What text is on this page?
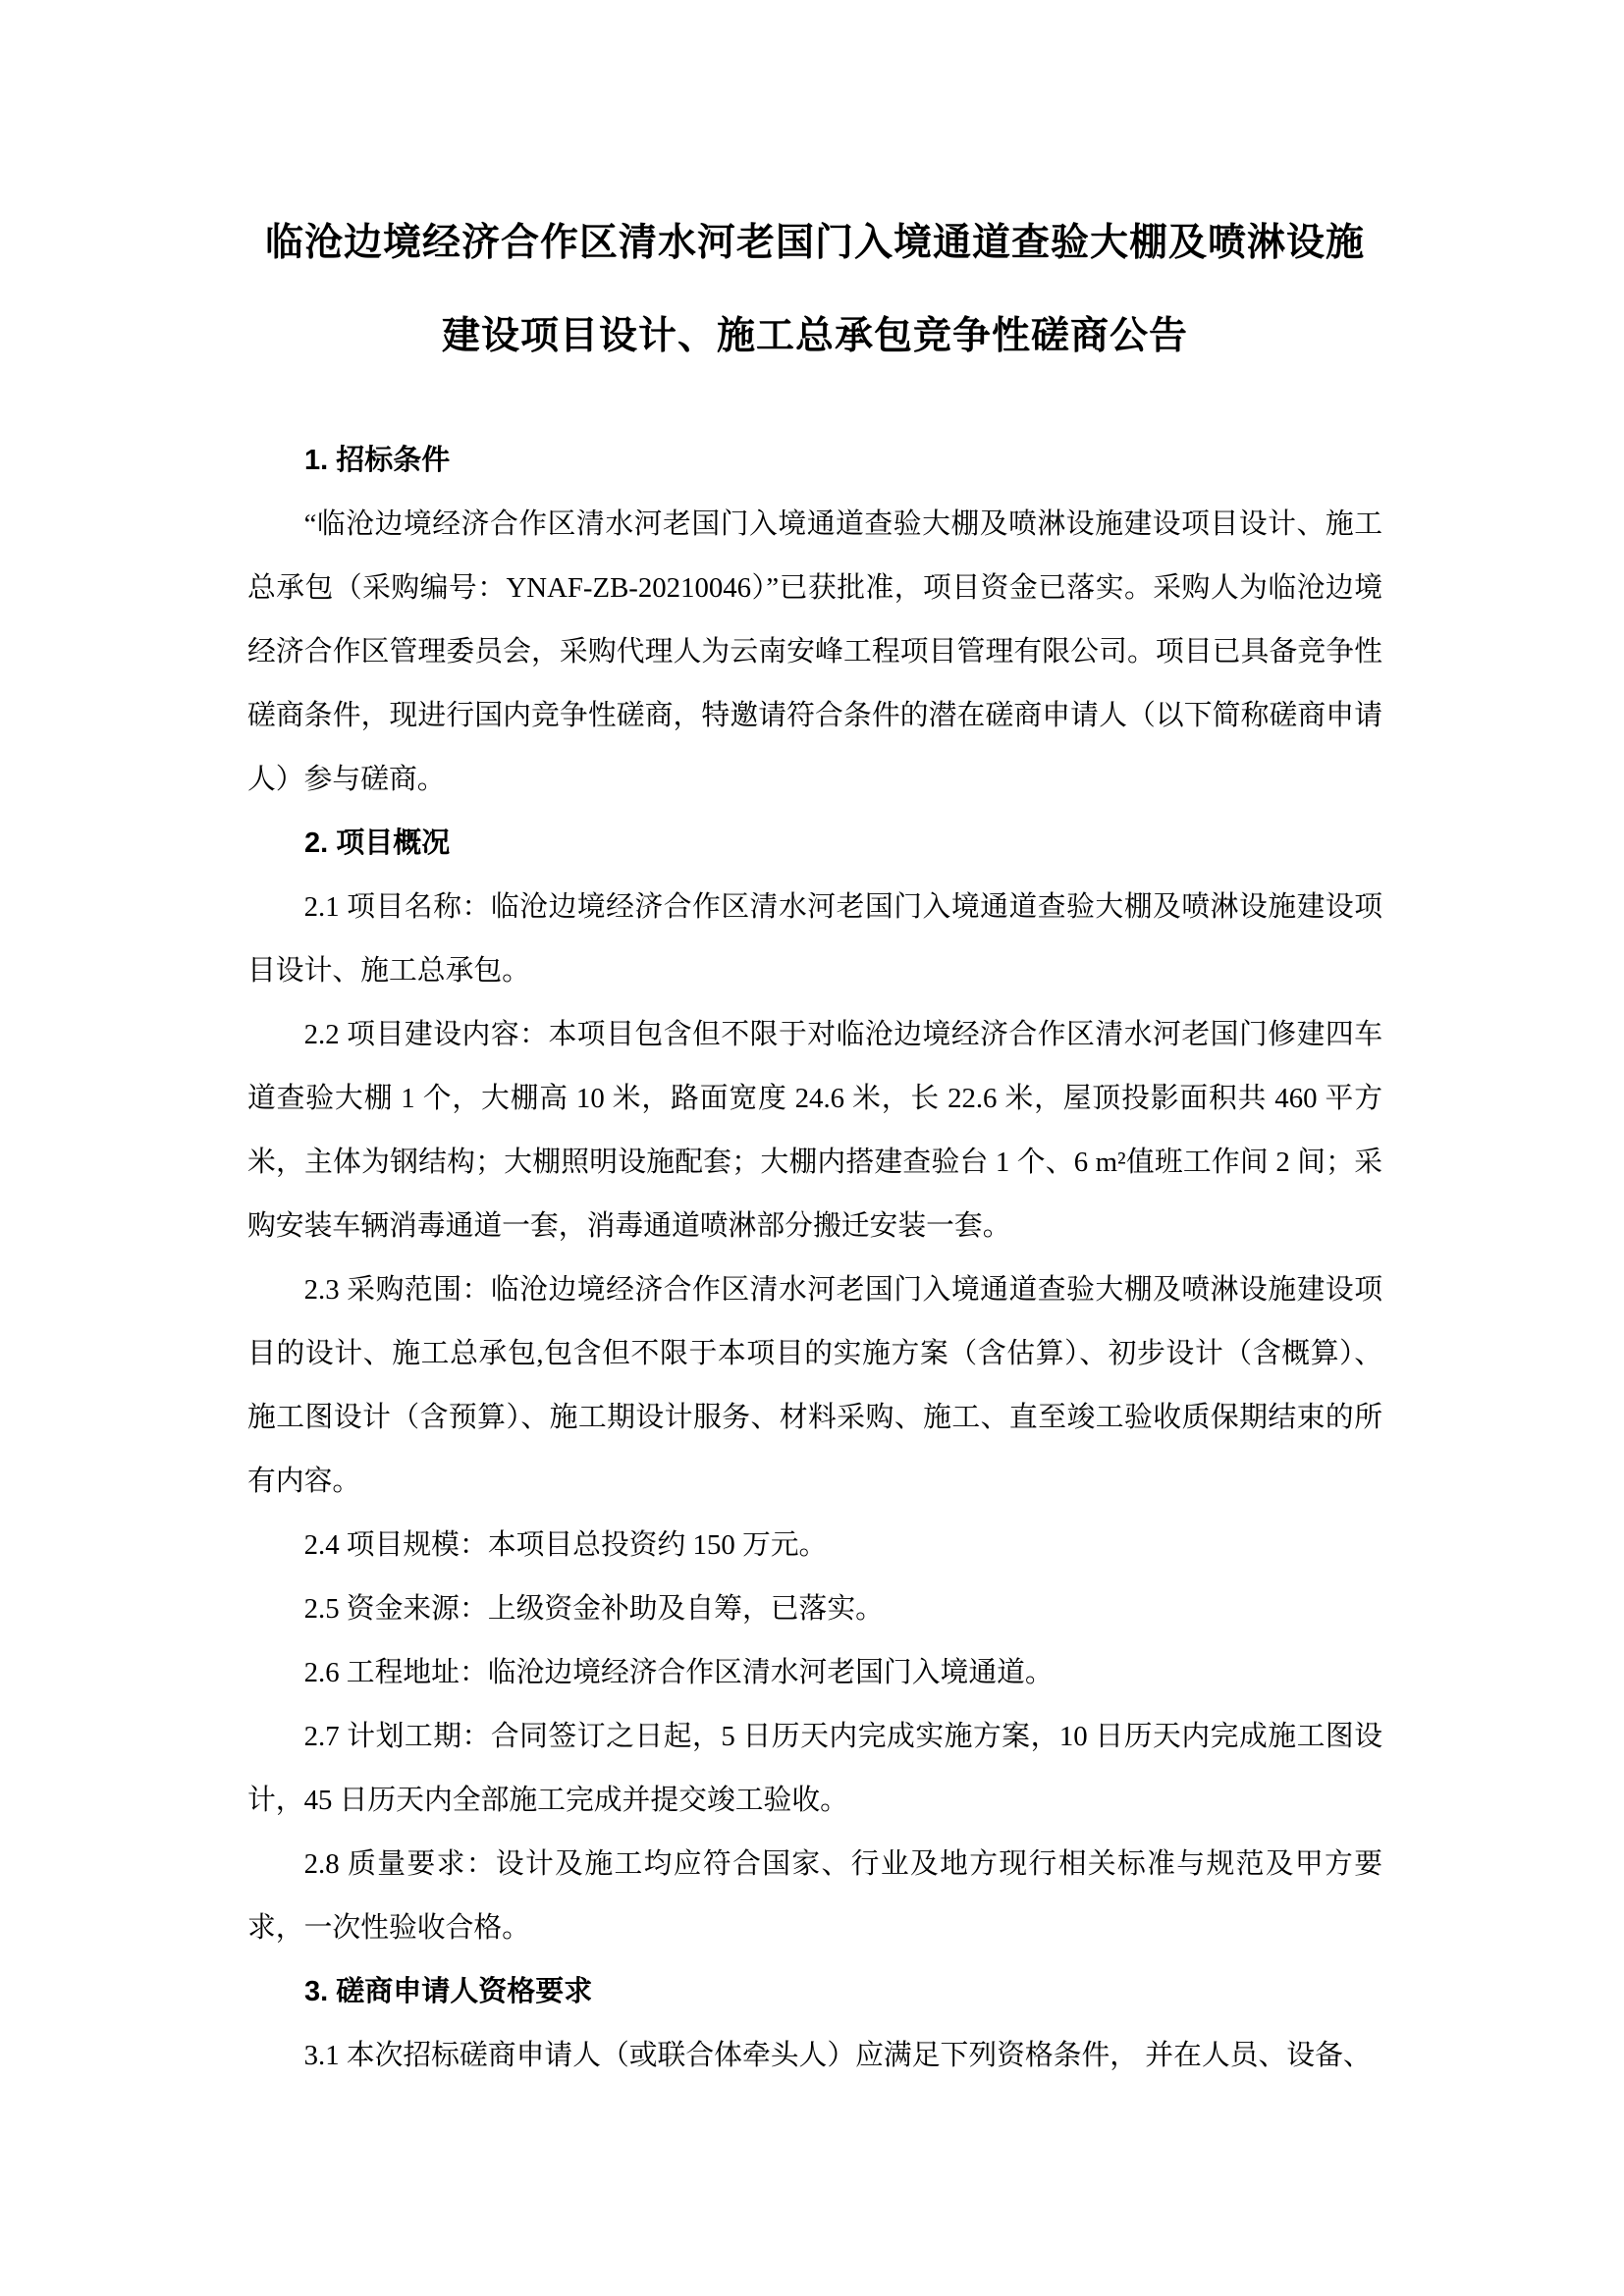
临沧边境经济合作区清水河老国门入境通道查验大棚及喷淋设施建设项目设计、施工总承包竞争性磋商公告
1. 招标条件

“临沧边境经济合作区清水河老国门入境通道查验大棚及喷淋设施建设项目设计、施工总承包（采购编号：YNAF-ZB-20210046）”已获批准，项目资金已落实。采购人为临沧边境经济合作区管理委员会，采购代理人为云南安峰工程项目管理有限公司。项目已具备竞争性磋商条件，现进行国内竞争性磋商，特邀请符合条件的潜在磋商申请人（以下简称磋商申请人）参与磋商。

2. 项目概况

2.1 项目名称：临沧边境经济合作区清水河老国门入境通道查验大棚及喷淋设施建设项目设计、施工总承包。

2.2 项目建设内容：本项目包含但不限于对临沧边境经济合作区清水河老国门修建四车道查验大棚 1 个，大棚高 10 米，路面宽度 24.6 米，长 22.6 米，屋顶投影面积共 460 平方米，主体为钢结构；大棚照明设施配套；大棚内搭建查验台 1 个、6 m²值班工作间 2 间；采购安装车辆消毒通道一套，消毒通道喷淋部分搬迁安装一套。

2.3 采购范围：临沧边境经济合作区清水河老国门入境通道查验大棚及喷淋设施建设项目的设计、施工总承包,包含但不限于本项目的实施方案（含估算）、初步设计（含概算）、施工图设计（含预算）、施工期设计服务、材料采购、施工、直至竣工验收质保期结束的所有内容。

2.4 项目规模：本项目总投资约 150 万元。

2.5 资金来源：上级资金补助及自筹，已落实。

2.6 工程地址：临沧边境经济合作区清水河老国门入境通道。

2.7 计划工期：合同签订之日起，5 日历天内完成实施方案，10 日历天内完成施工图设计，45 日历天内全部施工完成并提交竣工验收。

2.8 质量要求：设计及施工均应符合国家、行业及地方现行相关标准与规范及甲方要求，一次性验收合格。

3. 磋商申请人资格要求

3.1 本次招标磋商申请人（或联合体牵头人）应满足下列资格条件， 并在人员、设备、
